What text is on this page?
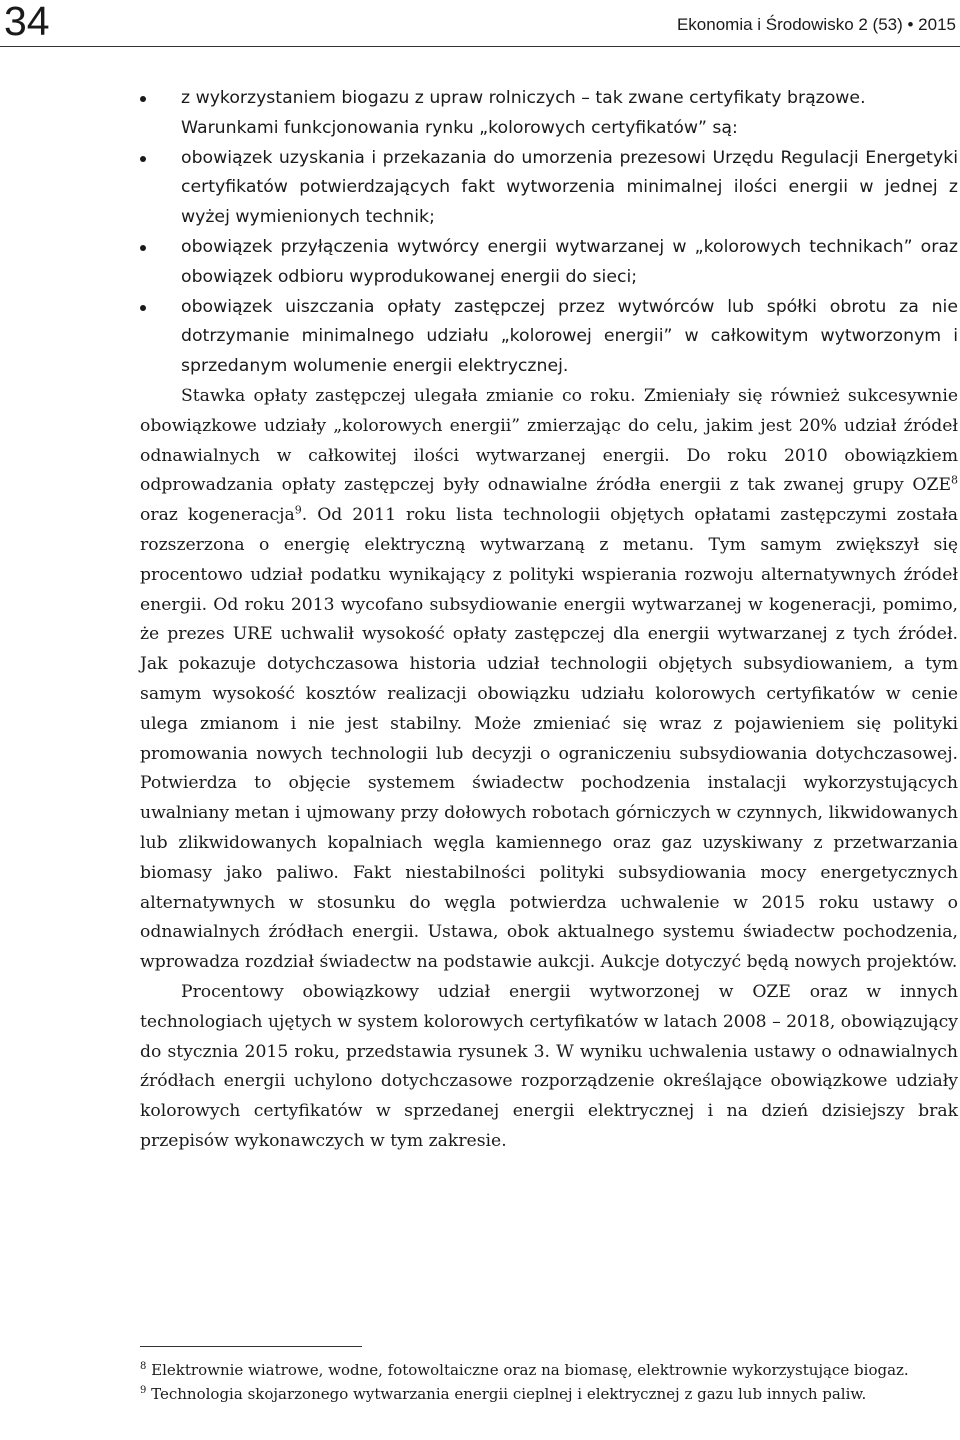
34	Ekonomia i Środowisko 2 (53) • 2015
z wykorzystaniem biogazu z upraw rolniczych – tak zwane certyfikaty brązowe.
Warunkami funkcjonowania rynku „kolorowych certyfikatów” są:
obowiązek uzyskania i przekazania do umorzenia prezesowi Urzędu Regulacji Energetyki certyfikatów potwierdzających fakt wytworzenia minimalnej ilości energii w jednej z wyżej wymienionych technik;
obowiązek przyłączenia wytwórcy energii wytwarzanej w „kolorowych technikach” oraz obowiązek odbioru wyprodukowanej energii do sieci;
obowiązek uiszczania opłaty zastępczej przez wytwórców lub spółki obrotu za nie dotrzymanie minimalnego udziału „kolorowej energii” w całkowitym wytworzonym i sprzedanym wolumenie energii elektrycznej.

Stawka opłaty zastępczej ulegała zmianie co roku. Zmieniały się również sukcesywnie obowiązkowe udziały „kolorowych energii” zmierzając do celu, jakim jest 20% udział źródeł odnawialnych w całkowitej ilości wytwarzanej energii. Do roku 2010 obowiązkiem odprowadzania opłaty zastępczej były odnawialne źródła energii z tak zwanej grupy OZE$^8$ oraz kogeneracja$^9$. Od 2011 roku lista technologii objętych opłatami zastępczymi została rozszerzona o energię elektryczną wytwarzaną z metanu. Tym samym zwiększył się procentowo udział podatku wynikający z polityki wspierania rozwoju alternatywnych źródeł energii. Od roku 2013 wycofano subsydiowanie energii wytwarzanej w kogeneracji, pomimo, że prezes URE uchwalił wysokość opłaty zastępczej dla energii wytwarzanej z tych źródeł. Jak pokazuje dotychczasowa historia udział technologii objętych subsydiowaniem, a tym samym wysokość kosztów realizacji obowiązku udziału kolorowych certyfikatów w cenie ulega zmianom i nie jest stabilny. Może zmieniać się wraz z pojawieniem się polityki promowania nowych technologii lub decyzji o ograniczeniu subsydiowania dotychczasowej. Potwierdza to objęcie systemem świadectw pochodzenia instalacji wykorzystujących uwalniany metan i ujmowany przy dołowych robotach górniczych w czynnych, likwidowanych lub zlikwidowanych kopalniach węgla kamiennego oraz gaz uzyskiwany z przetwarzania biomasy jako paliwo. Fakt niestabilności polityki subsydiowania mocy energetycznych alternatywnych w stosunku do węgla potwierdza uchwalenie w 2015 roku ustawy o odnawialnych źródłach energii. Ustawa, obok aktualnego systemu świadectw pochodzenia, wprowadza rozdział świadectw na podstawie aukcji. Aukcje dotyczyć będą nowych projektów.

Procentowy obowiązkowy udział energii wytworzonej w OZE oraz w innych technologiach ujętych w system kolorowych certyfikatów w latach 2008 – 2018, obowiązujący do stycznia 2015 roku, przedstawia rysunek 3. W wyniku uchwalenia ustawy o odnawialnych źródłach energii uchylono dotychczasowe rozporządzenie określające obowiązkowe udziały kolorowych certyfikatów w sprzedanej energii elektrycznej i na dzień dzisiejszy brak przepisów wykonawczych w tym zakresie.

$^8$ Elektrownie wiatrowe, wodne, fotowoltaiczne oraz na biomasę, elektrownie wykorzystujące biogaz.

$^9$ Technologia skojarzonego wytwarzania energii cieplnej i elektrycznej z gazu lub innych paliw.
